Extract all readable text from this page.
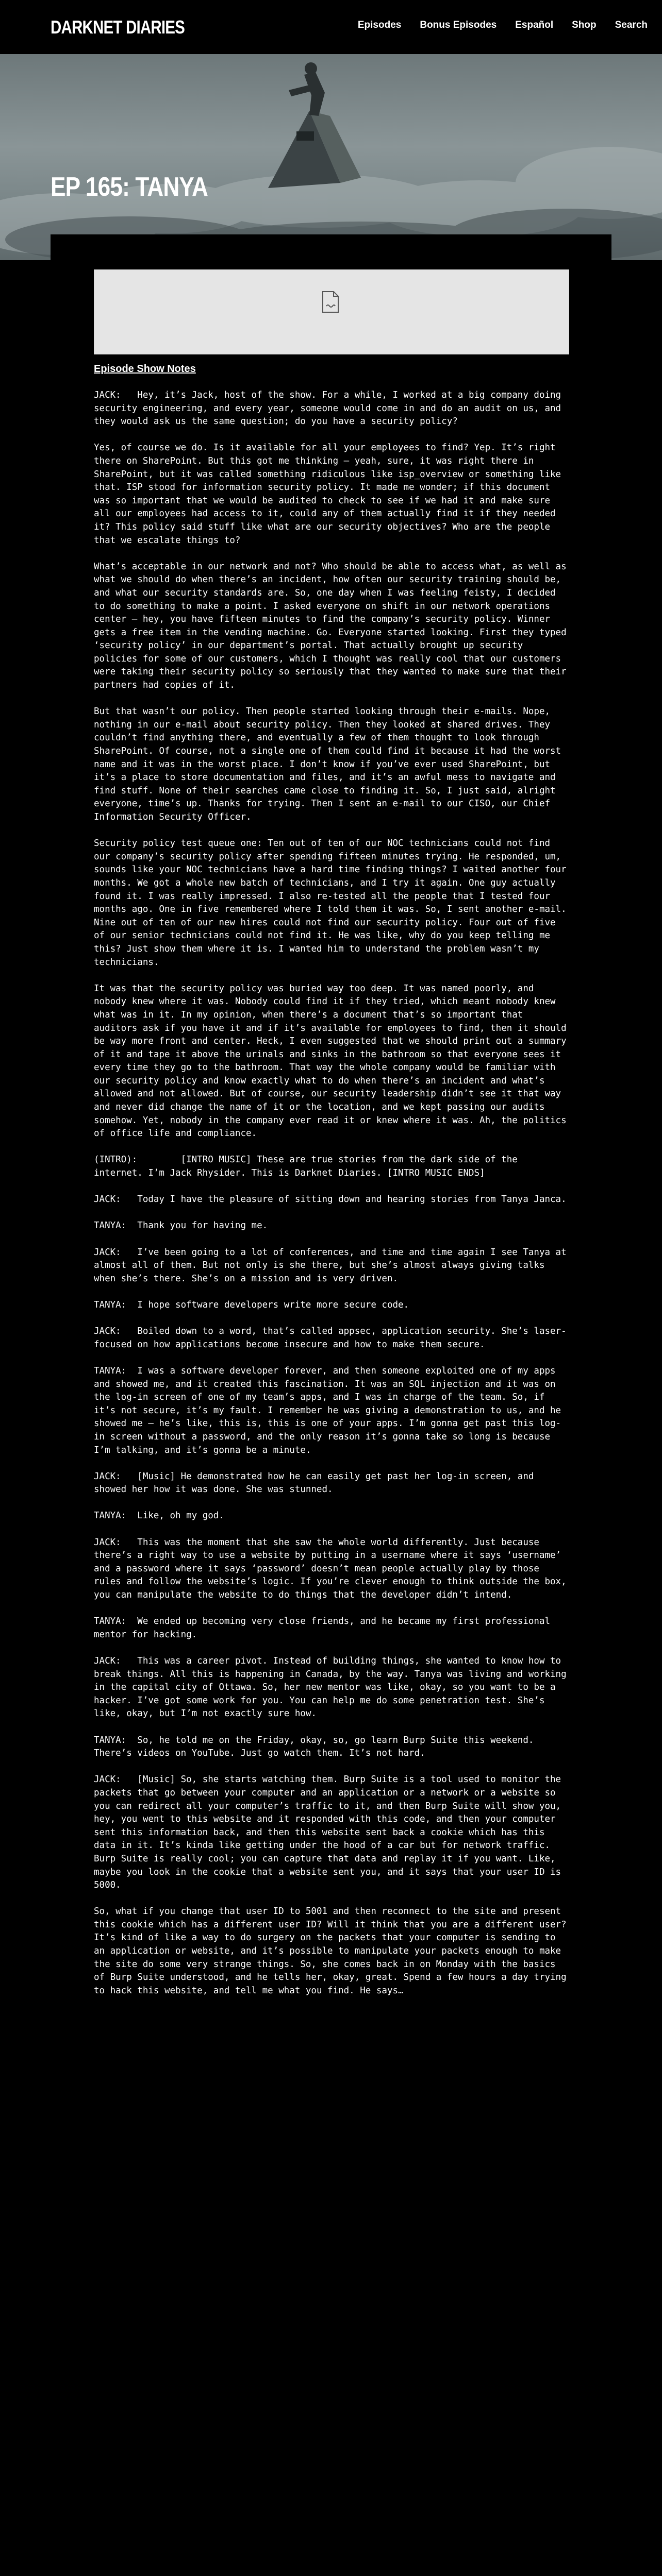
DARKNET DIARIES	Episodes Bonus Episodes Español Shop Search
EP 165: TANYA
Episode Show Notes

JACK:   Hey, it’s Jack, host of the show. For a while, I worked at a big company doing security engineering, and every year, someone would come in and do an audit on us, and they would ask us the same question; do you have a security policy?

Yes, of course we do. Is it available for all your employees to find? Yep. It’s right there on SharePoint. But this got me thinking – yeah, sure, it was right there in SharePoint, but it was called something ridiculous like isp_overview or something like that. ISP stood for information security policy. It made me wonder; if this document was so important that we would be audited to check to see if we had it and make sure all our employees had access to it, could any of them actually find it if they needed it? This policy said stuff like what are our security objectives? Who are the people that we escalate things to?

What’s acceptable in our network and not? Who should be able to access what, as well as what we should do when there’s an incident, how often our security training should be, and what our security standards are. So, one day when I was feeling feisty, I decided to do something to make a point. I asked everyone on shift in our network operations center – hey, you have fifteen minutes to find the company’s security policy. Winner gets a free item in the vending machine. Go. Everyone started looking. First they typed ‘security policy’ in our department’s portal. That actually brought up security policies for some of our customers, which I thought was really cool that our customers were taking their security policy so seriously that they wanted to make sure that their partners had copies of it.

But that wasn’t our policy. Then people started looking through their e-mails. Nope, nothing in our e-mail about security policy. Then they looked at shared drives. They couldn’t find anything there, and eventually a few of them thought to look through SharePoint. Of course, not a single one of them could find it because it had the worst name and it was in the worst place. I don’t know if you’ve ever used SharePoint, but it’s a place to store documentation and files, and it’s an awful mess to navigate and find stuff. None of their searches came close to finding it. So, I just said, alright everyone, time’s up. Thanks for trying. Then I sent an e-mail to our CISO, our Chief Information Security Officer.

Security policy test queue one: Ten out of ten of our NOC technicians could not find our company’s security policy after spending fifteen minutes trying. He responded, um, sounds like your NOC technicians have a hard time finding things? I waited another four months. We got a whole new batch of technicians, and I try it again. One guy actually found it. I was really impressed. I also re-tested all the people that I tested four months ago. One in five remembered where I told them it was. So, I sent another e-mail. Nine out of ten of our new hires could not find our security policy. Four out of five of our senior technicians could not find it. He was like, why do you keep telling me this? Just show them where it is. I wanted him to understand the problem wasn’t my technicians.

It was that the security policy was buried way too deep. It was named poorly, and nobody knew where it was. Nobody could find it if they tried, which meant nobody knew what was in it. In my opinion, when there’s a document that’s so important that auditors ask if you have it and if it’s available for employees to find, then it should be way more front and center. Heck, I even suggested that we should print out a summary of it and tape it above the urinals and sinks in the bathroom so that everyone sees it every time they go to the bathroom. That way the whole company would be familiar with our security policy and know exactly what to do when there’s an incident and what’s allowed and not allowed. But of course, our security leadership didn’t see it that way and never did change the name of it or the location, and we kept passing our audits somehow. Yet, nobody in the company ever read it or knew where it was. Ah, the politics of office life and compliance.

(INTRO):        [INTRO MUSIC] These are true stories from the dark side of the internet. I’m Jack Rhysider. This is Darknet Diaries. [INTRO MUSIC ENDS]

JACK:   Today I have the pleasure of sitting down and hearing stories from Tanya Janca.

TANYA:  Thank you for having me.

JACK:   I’ve been going to a lot of conferences, and time and time again I see Tanya at almost all of them. But not only is she there, but she’s almost always giving talks when she’s there. She’s on a mission and is very driven.

TANYA:  I hope software developers write more secure code.

JACK:   Boiled down to a word, that’s called appsec, application security. She’s laser-focused on how applications become insecure and how to make them secure.

TANYA:  I was a software developer forever, and then someone exploited one of my apps and showed me, and it created this fascination. It was an SQL injection and it was on the log-in screen of one of my team’s apps, and I was in charge of the team. So, if it’s not secure, it’s my fault. I remember he was giving a demonstration to us, and he showed me – he’s like, this is, this is one of your apps. I’m gonna get past this log-in screen without a password, and the only reason it’s gonna take so long is because I’m talking, and it’s gonna be a minute.

JACK:   [Music] He demonstrated how he can easily get past her log-in screen, and showed her how it was done. She was stunned.

TANYA:  Like, oh my god.

JACK:   This was the moment that she saw the whole world differently. Just because there’s a right way to use a website by putting in a username where it says ‘username’ and a password where it says ‘password’ doesn’t mean people actually play by those rules and follow the website’s logic. If you’re clever enough to think outside the box, you can manipulate the website to do things that the developer didn’t intend.

TANYA:  We ended up becoming very close friends, and he became my first professional mentor for hacking.

JACK:   This was a career pivot. Instead of building things, she wanted to know how to break things. All this is happening in Canada, by the way. Tanya was living and working in the capital city of Ottawa. So, her new mentor was like, okay, so you want to be a hacker. I’ve got some work for you. You can help me do some penetration test. She’s like, okay, but I’m not exactly sure how.

TANYA:  So, he told me on the Friday, okay, so, go learn Burp Suite this weekend. There’s videos on YouTube. Just go watch them. It’s not hard.

JACK:   [Music] So, she starts watching them. Burp Suite is a tool used to monitor the packets that go between your computer and an application or a network or a website so you can redirect all your computer’s traffic to it, and then Burp Suite will show you, hey, you went to this website and it responded with this code, and then your computer sent this information back, and then this website sent back a cookie which has this data in it. It’s kinda like getting under the hood of a car but for network traffic. Burp Suite is really cool; you can capture that data and replay it if you want. Like, maybe you look in the cookie that a website sent you, and it says that your user ID is 5000.

So, what if you change that user ID to 5001 and then reconnect to the site and present this cookie which has a different user ID? Will it think that you are a different user? It’s kind of like a way to do surgery on the packets that your computer is sending to an application or website, and it’s possible to manipulate your packets enough to make the site do some very strange things. So, she comes back in on Monday with the basics of Burp Suite understood, and he tells her, okay, great. Spend a few hours a day trying to hack this website, and tell me what you find. He says…
